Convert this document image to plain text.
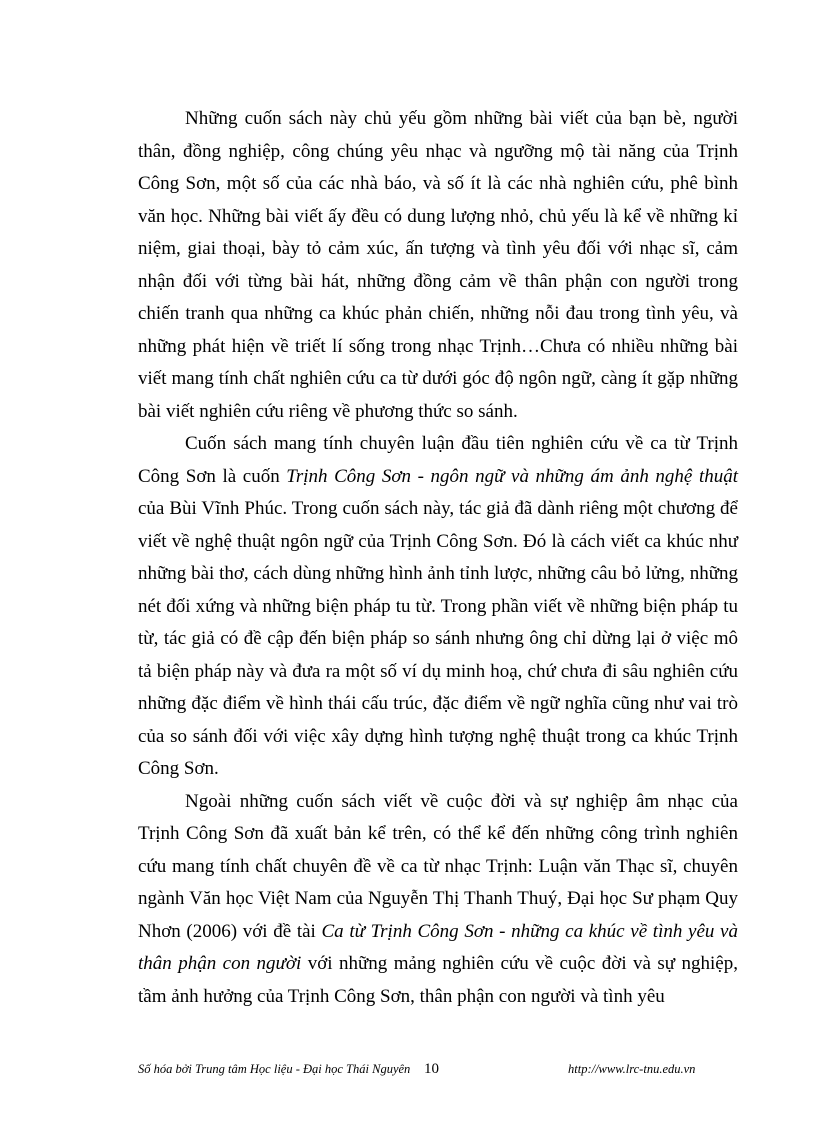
Những cuốn sách này chủ yếu gồm những bài viết của bạn bè, người thân, đồng nghiệp, công chúng yêu nhạc và ngưỡng mộ tài năng của Trịnh Công Sơn, một số của các nhà báo, và số ít là các nhà nghiên cứu, phê bình văn học. Những bài viết ấy đều có dung lượng nhỏ, chủ yếu là kể về những kỉ niệm, giai thoại, bày tỏ cảm xúc, ấn tượng và tình yêu đối với nhạc sĩ, cảm nhận đối với từng bài hát, những đồng cảm về thân phận con người trong chiến tranh qua những ca khúc phản chiến, những nỗi đau trong tình yêu, và những phát hiện về triết lí sống trong nhạc Trịnh…Chưa có nhiều những bài viết mang tính chất nghiên cứu ca từ dưới góc độ ngôn ngữ, càng ít gặp những bài viết nghiên cứu riêng về phương thức so sánh.

Cuốn sách mang tính chuyên luận đầu tiên nghiên cứu về ca từ Trịnh Công Sơn là cuốn Trịnh Công Sơn - ngôn ngữ và những ám ảnh nghệ thuật của Bùi Vĩnh Phúc. Trong cuốn sách này, tác giả đã dành riêng một chương để viết về nghệ thuật ngôn ngữ của Trịnh Công Sơn. Đó là cách viết ca khúc như những bài thơ, cách dùng những hình ảnh tỉnh lược, những câu bỏ lửng, những nét đối xứng và những biện pháp tu từ. Trong phần viết về những biện pháp tu từ, tác giả có đề cập đến biện pháp so sánh nhưng ông chỉ dừng lại ở việc mô tả biện pháp này và đưa ra một số ví dụ minh hoạ, chứ chưa đi sâu nghiên cứu những đặc điểm về hình thái cấu trúc, đặc điểm về ngữ nghĩa cũng như vai trò của so sánh đối với việc xây dựng hình tượng nghệ thuật trong ca khúc Trịnh Công Sơn.

Ngoài những cuốn sách viết về cuộc đời và sự nghiệp âm nhạc của Trịnh Công Sơn đã xuất bản kể trên, có thể kể đến những công trình nghiên cứu mang tính chất chuyên đề về ca từ nhạc Trịnh: Luận văn Thạc sĩ, chuyên ngành Văn học Việt Nam của Nguyễn Thị Thanh Thuý, Đại học Sư phạm Quy Nhơn (2006) với đề tài Ca từ Trịnh Công Sơn - những ca khúc về tình yêu và thân phận con người với những mảng nghiên cứu về cuộc đời và sự nghiệp, tầm ảnh hưởng của Trịnh Công Sơn, thân phận con người và tình yêu

Số hóa bởi Trung tâm Học liệu - Đại học Thái Nguyên 10	http://www.lrc-tnu.edu.vn
